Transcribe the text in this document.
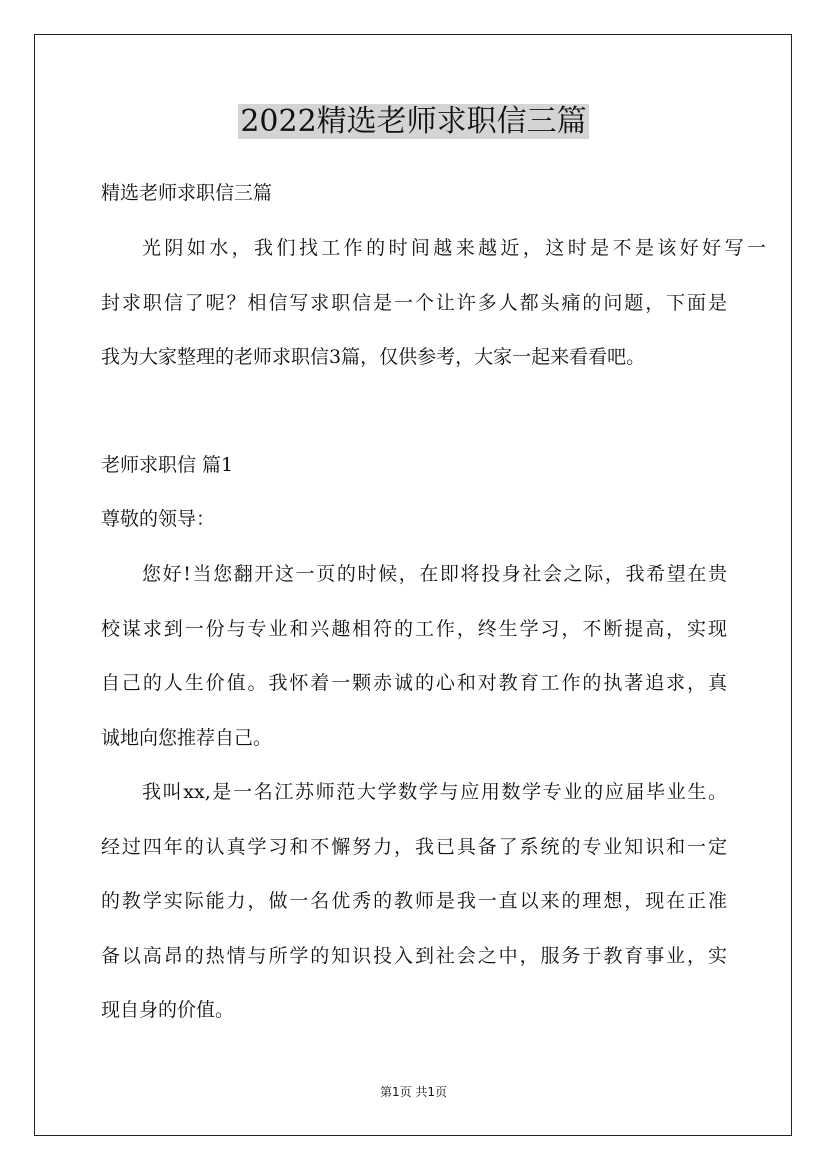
2022精选老师求职信三篇
精选老师求职信三篇
光阴如水，我们找工作的时间越来越近，这时是不是该好好写一
封求职信了呢？相信写求职信是一个让许多人都头痛的问题，下面是
我为大家整理的老师求职信3篇，仅供参考，大家一起来看看吧。
老师求职信 篇1
尊敬的领导：
您好!当您翻开这一页的时候，在即将投身社会之际，我希望在贵
校谋求到一份与专业和兴趣相符的工作，终生学习，不断提高，实现
自己的人生价值。我怀着一颗赤诚的心和对教育工作的执著追求，真
诚地向您推荐自己。
我叫xx,是一名江苏师范大学数学与应用数学专业的应届毕业生。
经过四年的认真学习和不懈努力，我已具备了系统的专业知识和一定
的教学实际能力，做一名优秀的教师是我一直以来的理想，现在正准
备以高昂的热情与所学的知识投入到社会之中，服务于教育事业，实
现自身的价值。
第1页 共1页
